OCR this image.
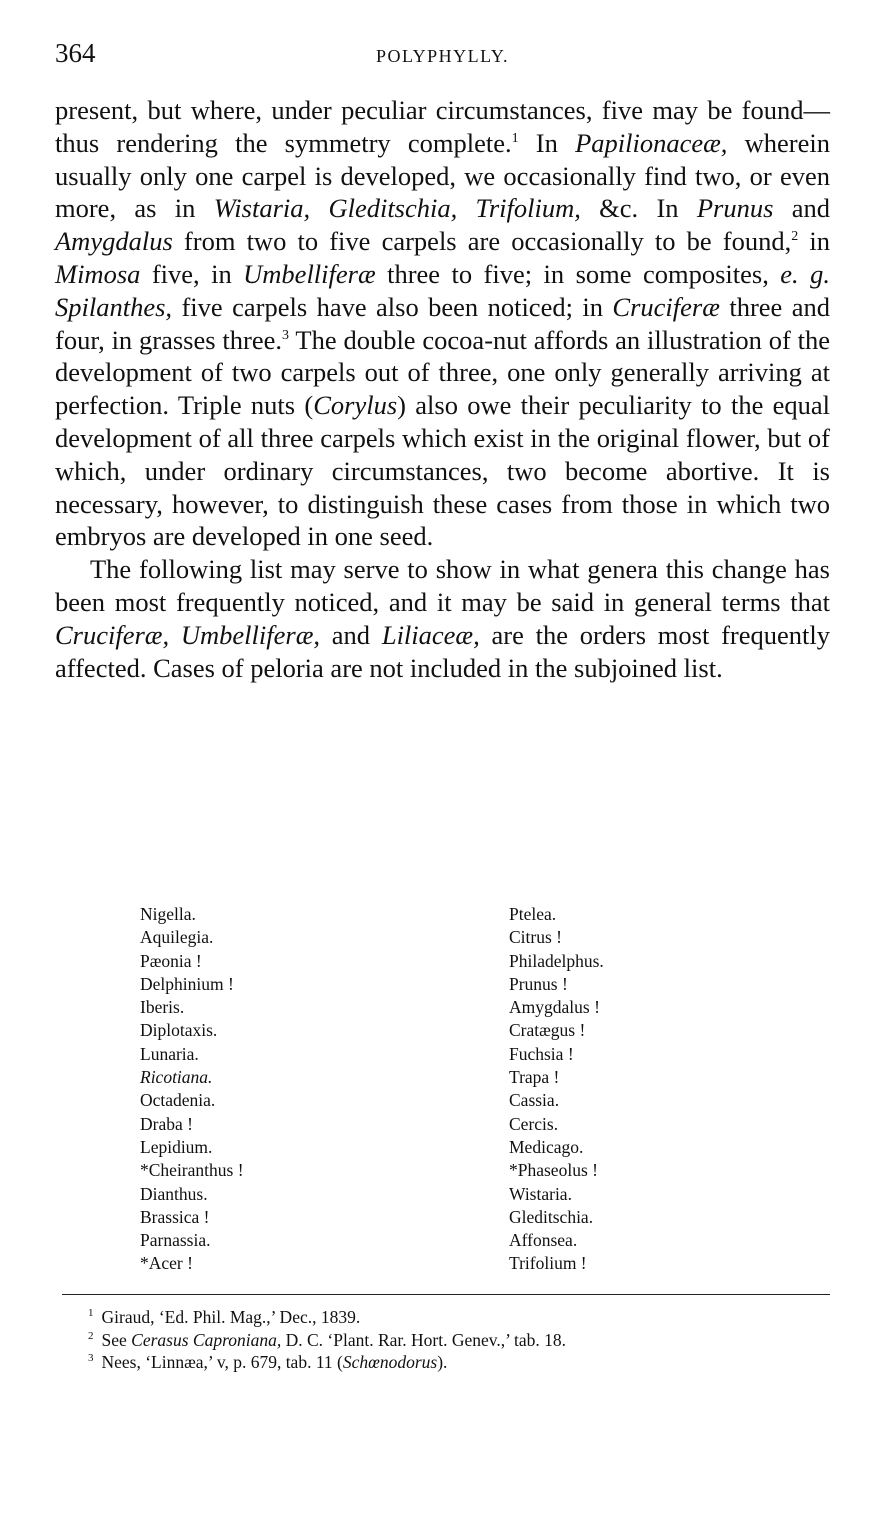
364	POLYPHYLLY.

present, but where, under peculiar circumstances, five may be found—thus rendering the symmetry complete.$^1$ In Papilionaceæ, wherein usually only one carpel is developed, we occasionally find two, or even more, as in Wistaria, Gleditschia, Trifolium, &c. In Prunus and Amygdalus from two to five carpels are occasionally to be found,$^2$ in Mimosa five, in Umbelliferæ three to five; in some composites, e. g. Spilanthes, five carpels have also been noticed; in Cruciferæ three and four, in grasses three.$^3$ The double cocoa-nut affords an illustration of the development of two carpels out of three, one only generally arriving at perfection. Triple nuts (Corylus) also owe their peculiarity to the equal development of all three carpels which exist in the original flower, but of which, under ordinary circumstances, two become abortive. It is necessary, however, to distinguish these cases from those in which two embryos are developed in one seed.

The following list may serve to show in what genera this change has been most frequently noticed, and it may be said in general terms that Cruciferæ, Umbelliferæ, and Liliaceæ, are the orders most frequently affected. Cases of peloria are not included in the subjoined list.

Nigella.
Aquilegia.
Pæonia !
Delphinium !
Iberis.
Diplotaxis.
Lunaria.
Ricotiana.
Octadenia.
Draba !
Lepidium.
*Cheiranthus !
Dianthus.
Brassica !
Parnassia.
*Acer !
Ptelea.
Citrus !
Philadelphus.
Prunus !
Amygdalus !
Cratægus !
Fuchsia !
Trapa !
Cassia.
Cercis.
Medicago.
*Phaseolus !
Wistaria.
Gleditschia.
Affonsea.
Trifolium !
$^1$ Giraud, ‘Ed. Phil. Mag.,’ Dec., 1839.
$^2$ See Cerasus Caproniana, D. C. ‘Plant. Rar. Hort. Genev.,’ tab. 18.
$^3$ Nees, ‘Linnæa,’ v, p. 679, tab. 11 (Schœnodorus).
